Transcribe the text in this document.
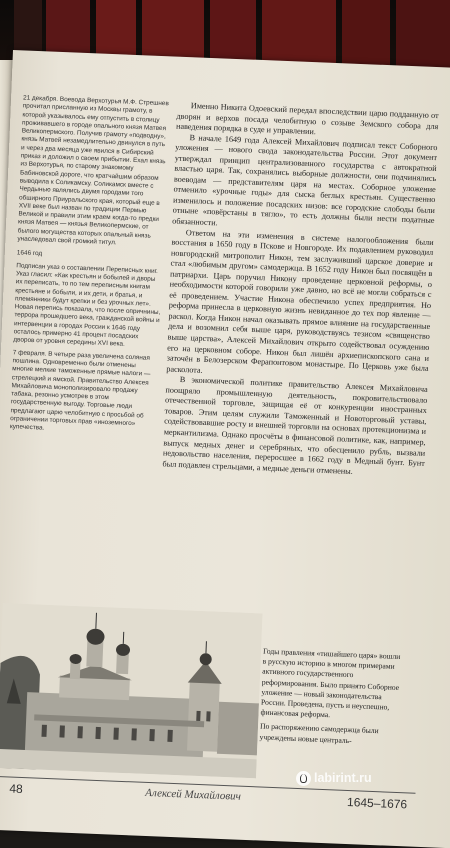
21 декабря. Воевода Верхотурья М.Ф. Стрешнев прочитал присланную из Москвы грамоту, в которой указывалось ему отпустить в столицу проживавшего в городе опального князя Матвея Великопермского. Получив грамоту «подводну», князь Матвей незамедлительно двинулся в путь и через два месяца уже явился в Сибирский приказ и доложил о своем прибытии. Ехал князь из Верхотурья, по старому знакомому Бабиновской дороге, что кратчайшим образом выводила к Соликамску. Соликамск вместе с Чердынью являлись двумя городами того обширного Приуральского края, который еще в XVII веке был назван по традиции Пермью Великой и правили этим краем когда-то предки князя Матвея — князья Великопермские, от былого могущества которых опальный князь унаследовал свой громкий титул.

1646 год

Подписан указ о составлении Переписных книг. Указ гласил: «Как крестьян и бобылей и дворы их переписать, то по тем переписным книгам крестьяне и бобыли, и их дети, и братья, и племянники будут крепки и без урочных лет». Новая перепись показала, что после опричнины, террора прошедшего века, гражданской войны и интервенции в городах России к 1646 году осталось примерно 41 процент посадских дворов от уровня середины XVI века.

7 февраля. В четыре раза увеличена соляная пошлина. Одновременно были отменены многие мелкие таможенные прямые налоги — стрелецкий и ямской. Правительство Алексея Михайловича монополизировало продажу табака, резонно усмотрев в этом государственную выгоду. Торговые люди предлагают царю челобитную с просьбой об ограничении торговых прав «иноземного» купечества.

Именно Никита Одоевский передал впоследствии царю подданную от дворян и верхов посада челобитную о созыве Земского собора для наведения порядка в суде и управлении.

В начале 1649 года Алексей Михайлович подписал текст Соборного уложения — нового свода законодательства России. Этот документ утверждал принцип централизованного государства с автократной властью царя. Так, сохранялись выборные должности, они подчинялись воеводам — представителям царя на местах. Соборное уложение отменило «урочные годы» для сыска беглых крестьян. Существенно изменилось и положение посадских низов: все городские слободы были отныне «повёрстаны в тягло», то есть должны были нести податные обязанности.

Ответом на эти изменения в системе налогообложения были восстания в 1650 году в Пскове и Новгороде. Их подавлением руководил новгородский митрополит Никон, тем заслуживший царское доверие и стал «любимым другом» самодержца. В 1652 году Никон был посвящён в патриархи. Царь поручил Никону проведение церковной реформы, о необходимости которой говорили уже давно, но всё не могли собраться с её проведением. Участие Никона обеспечило успех предприятия. Но реформа принесла в церковную жизнь невиданное до тех пор явление — раскол. Когда Никон начал оказывать прямое влияние на государственные дела и возомнил себя выше царя, руководствуясь тезисом «священство выше царства», Алексей Михайлович открыто содействовал осуждению его на церковном соборе. Никон был лишён архиепископского сана и заточён в Белозерском Ферапонтовом монастыре. По Церковь уже была расколота.

В экономической политике правительство Алексея Михайловича поощряло промышленную деятельность, покровительствовало отечественной торговле, защищая её от конкуренции иностранных товаров. Этим целям служили Таможенный и Новоторговый уставы, содействовавшие росту и внешней торговли на основах протекционизма и меркантилизма. Однако просчёты в финансовой политике, как, например, выпуск медных денег и серебряных, что обесценило рубль, вызвали недовольство населения, переросшее в 1662 году в Медный бунт. Бунт был подавлен стрельцами, а медные деньги отменены.

Годы правления «тишайшего царя» вошли в русскую историю в многом примерами активного государственного реформирования. Было принято Соборное уложение — новый законодательства России. Проведена, пусть и неуспешно, финансовая реформа.

По распоряжению самодержца были учреждены новые централь-

48	Алексей Михайлович
1645–1676
labirint.ru
